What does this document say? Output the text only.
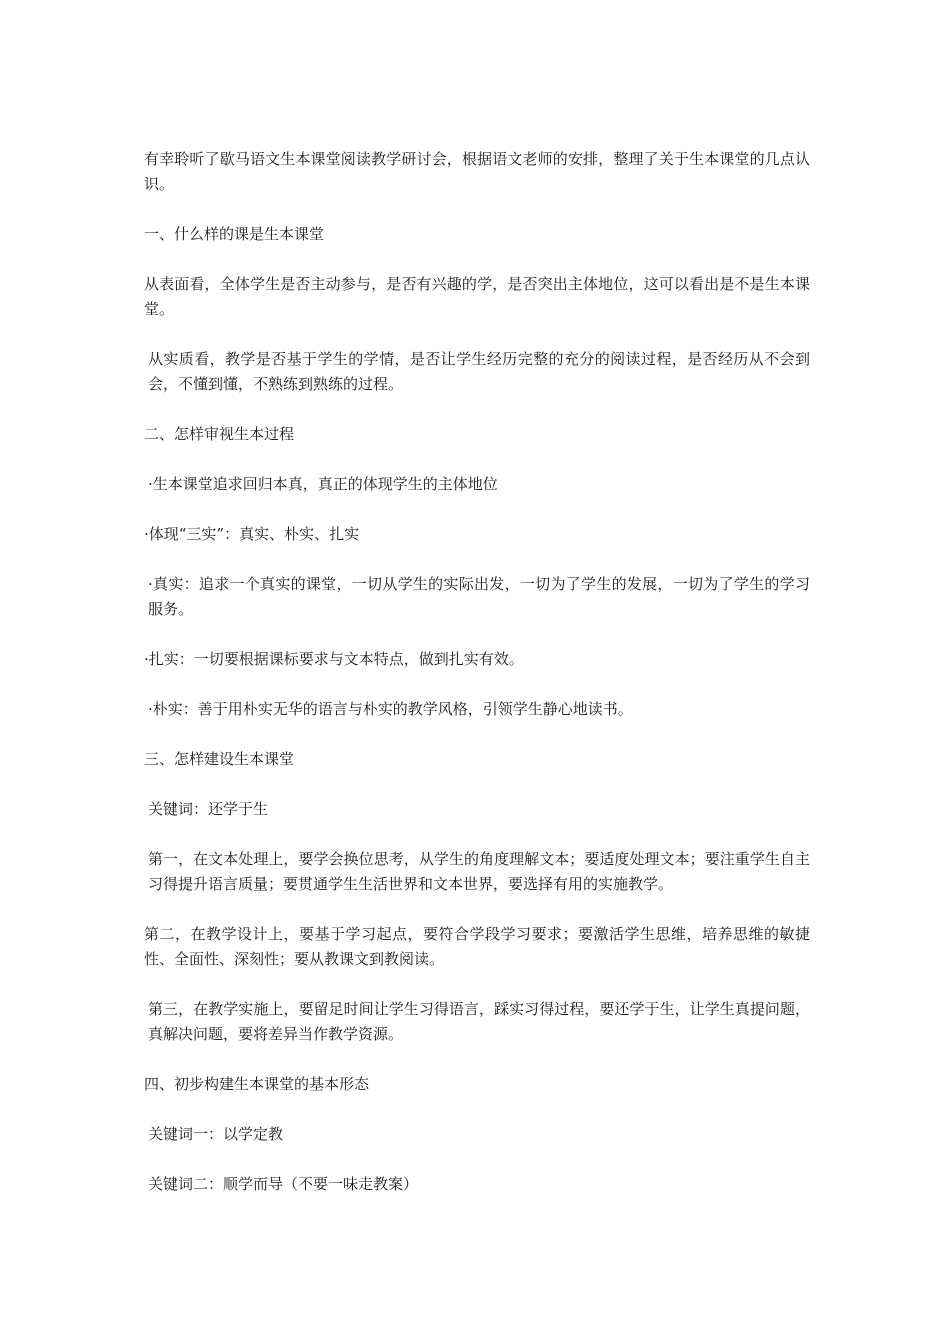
有幸聆听了歇马语文生本课堂阅读教学研讨会，根据语文老师的安排，整理了关于生本课堂的几点认识。

一、什么样的课是生本课堂

从表面看，全体学生是否主动参与，是否有兴趣的学，是否突出主体地位，这可以看出是不是生本课堂。

从实质看，教学是否基于学生的学情，是否让学生经历完整的充分的阅读过程，是否经历从不会到会，不懂到懂，不熟练到熟练的过程。

二、怎样审视生本过程

·生本课堂追求回归本真，真正的体现学生的主体地位

·体现“三实”：真实、朴实、扎实

·真实：追求一个真实的课堂，一切从学生的实际出发，一切为了学生的发展，一切为了学生的学习服务。

·扎实：一切要根据课标要求与文本特点，做到扎实有效。

·朴实：善于用朴实无华的语言与朴实的教学风格，引领学生静心地读书。

三、怎样建设生本课堂

关键词：还学于生

第一，在文本处理上，要学会换位思考，从学生的角度理解文本；要适度处理文本；要注重学生自主习得提升语言质量；要贯通学生生活世界和文本世界，要选择有用的实施教学。

第二，在教学设计上，要基于学习起点，要符合学段学习要求；要激活学生思维，培养思维的敏捷性、全面性、深刻性；要从教课文到教阅读。

第三，在教学实施上，要留足时间让学生习得语言，踩实习得过程，要还学于生，让学生真提问题，真解决问题，要将差异当作教学资源。

四、初步构建生本课堂的基本形态

关键词一：以学定教

关键词二：顺学而导（不要一味走教案）
